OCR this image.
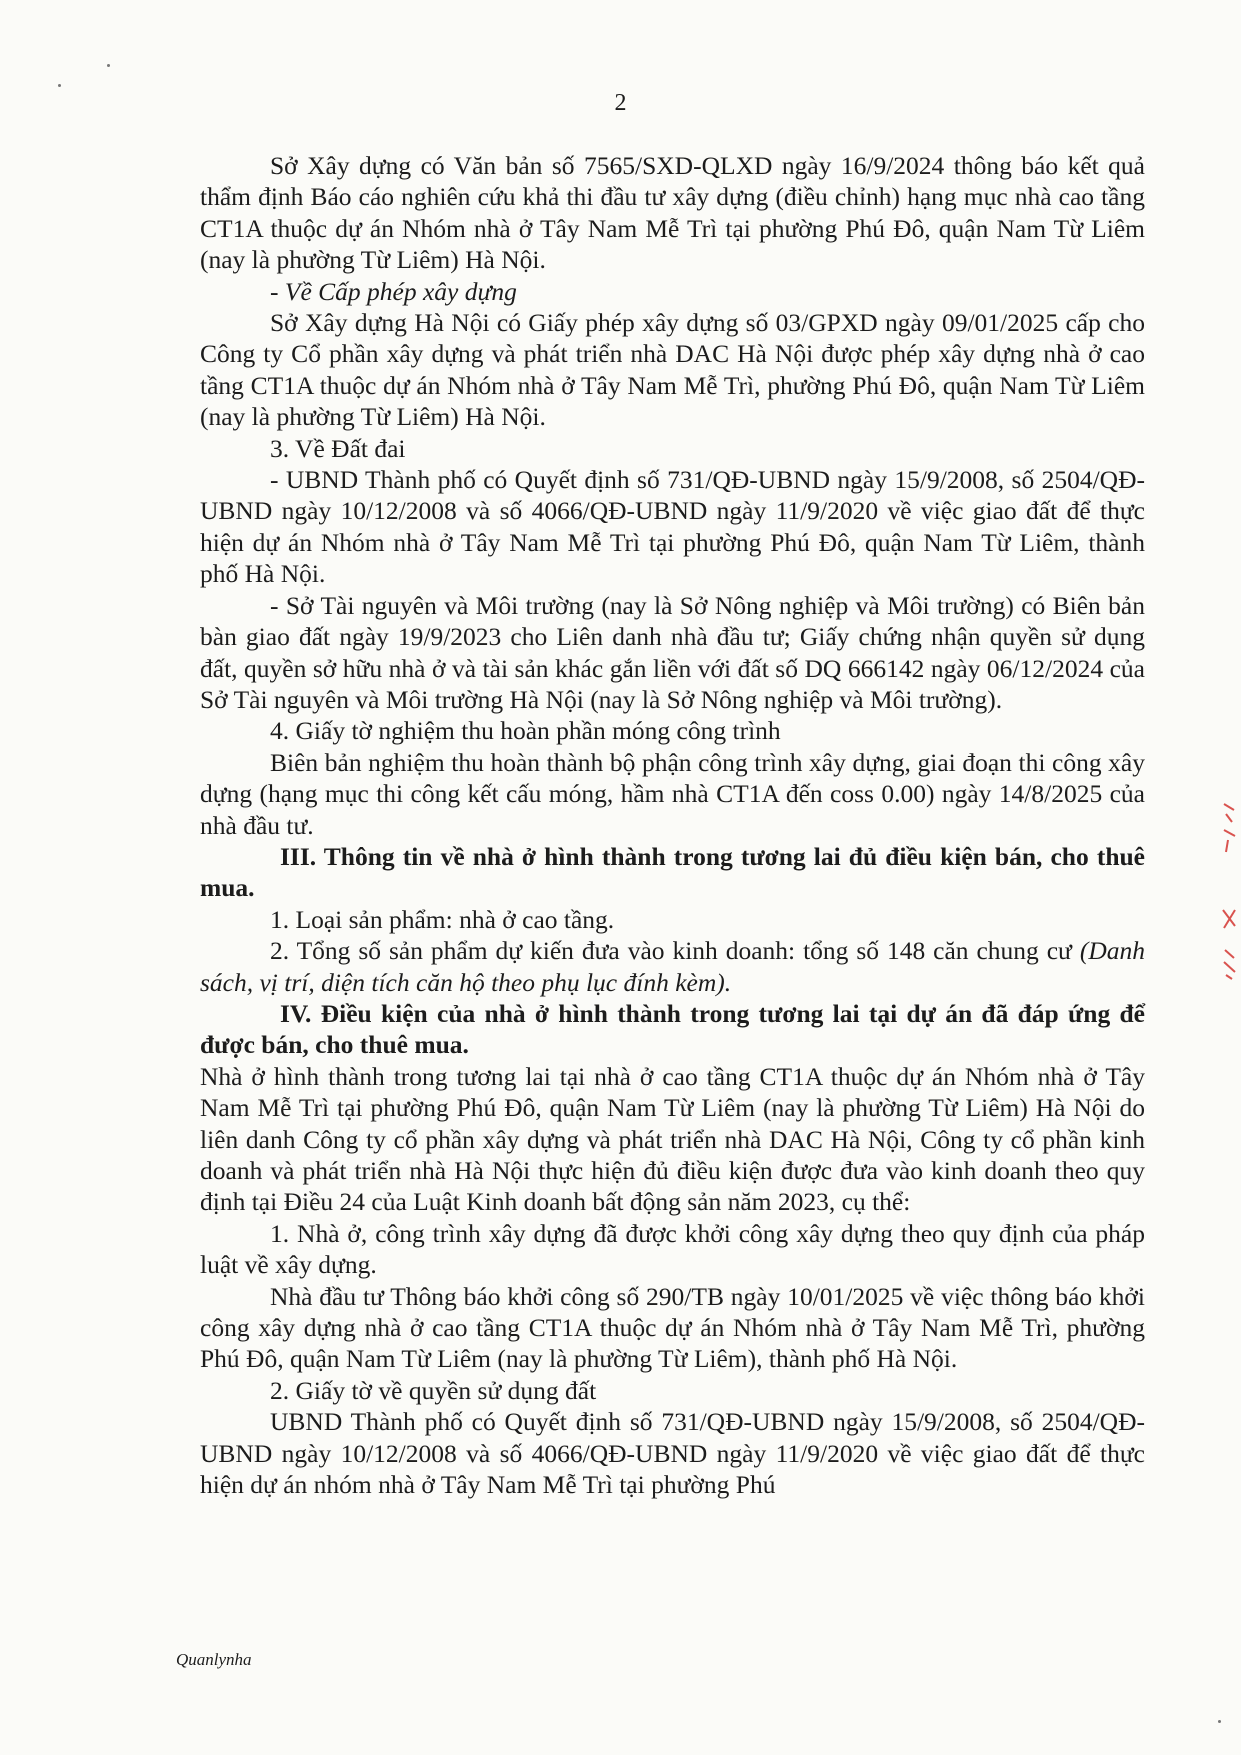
2

Sở Xây dựng có Văn bản số 7565/SXD-QLXD ngày 16/9/2024 thông báo kết quả thẩm định Báo cáo nghiên cứu khả thi đầu tư xây dựng (điều chỉnh) hạng mục nhà cao tầng CT1A thuộc dự án Nhóm nhà ở Tây Nam Mễ Trì tại phường Phú Đô, quận Nam Từ Liêm (nay là phường Từ Liêm) Hà Nội.

- Về Cấp phép xây dựng

Sở Xây dựng Hà Nội có Giấy phép xây dựng số 03/GPXD ngày 09/01/2025 cấp cho Công ty Cổ phần xây dựng và phát triển nhà DAC Hà Nội được phép xây dựng nhà ở cao tầng CT1A thuộc dự án Nhóm nhà ở Tây Nam Mễ Trì, phường Phú Đô, quận Nam Từ Liêm (nay là phường Từ Liêm) Hà Nội.

3. Về Đất đai

- UBND Thành phố có Quyết định số 731/QĐ-UBND ngày 15/9/2008, số 2504/QĐ-UBND ngày 10/12/2008 và số 4066/QĐ-UBND ngày 11/9/2020 về việc giao đất để thực hiện dự án Nhóm nhà ở Tây Nam Mễ Trì tại phường Phú Đô, quận Nam Từ Liêm, thành phố Hà Nội.

- Sở Tài nguyên và Môi trường (nay là Sở Nông nghiệp và Môi trường) có Biên bản bàn giao đất ngày 19/9/2023 cho Liên danh nhà đầu tư; Giấy chứng nhận quyền sử dụng đất, quyền sở hữu nhà ở và tài sản khác gắn liền với đất số DQ 666142 ngày 06/12/2024 của Sở Tài nguyên và Môi trường Hà Nội (nay là Sở Nông nghiệp và Môi trường).

4. Giấy tờ nghiệm thu hoàn phần móng công trình

Biên bản nghiệm thu hoàn thành bộ phận công trình xây dựng, giai đoạn thi công xây dựng (hạng mục thi công kết cấu móng, hầm nhà CT1A đến coss 0.00) ngày 14/8/2025 của nhà đầu tư.

III. Thông tin về nhà ở hình thành trong tương lai đủ điều kiện bán, cho thuê mua.

1. Loại sản phẩm: nhà ở cao tầng.

2. Tổng số sản phẩm dự kiến đưa vào kinh doanh: tổng số 148 căn chung cư (Danh sách, vị trí, diện tích căn hộ theo phụ lục đính kèm).

IV. Điều kiện của nhà ở hình thành trong tương lai tại dự án đã đáp ứng để được bán, cho thuê mua.

Nhà ở hình thành trong tương lai tại nhà ở cao tầng CT1A thuộc dự án Nhóm nhà ở Tây Nam Mễ Trì tại phường Phú Đô, quận Nam Từ Liêm (nay là phường Từ Liêm) Hà Nội do liên danh Công ty cổ phần xây dựng và phát triển nhà DAC Hà Nội, Công ty cổ phần kinh doanh và phát triển nhà Hà Nội thực hiện đủ điều kiện được đưa vào kinh doanh theo quy định tại Điều 24 của Luật Kinh doanh bất động sản năm 2023, cụ thể:

1. Nhà ở, công trình xây dựng đã được khởi công xây dựng theo quy định của pháp luật về xây dựng.

Nhà đầu tư Thông báo khởi công số 290/TB ngày 10/01/2025 về việc thông báo khởi công xây dựng nhà ở cao tầng CT1A thuộc dự án Nhóm nhà ở Tây Nam Mễ Trì, phường Phú Đô, quận Nam Từ Liêm (nay là phường Từ Liêm), thành phố Hà Nội.

2. Giấy tờ về quyền sử dụng đất

UBND Thành phố có Quyết định số 731/QĐ-UBND ngày 15/9/2008, số 2504/QĐ-UBND ngày 10/12/2008 và số 4066/QĐ-UBND ngày 11/9/2020 về việc giao đất để thực hiện dự án nhóm nhà ở Tây Nam Mễ Trì tại phường Phú

Quanlynha
